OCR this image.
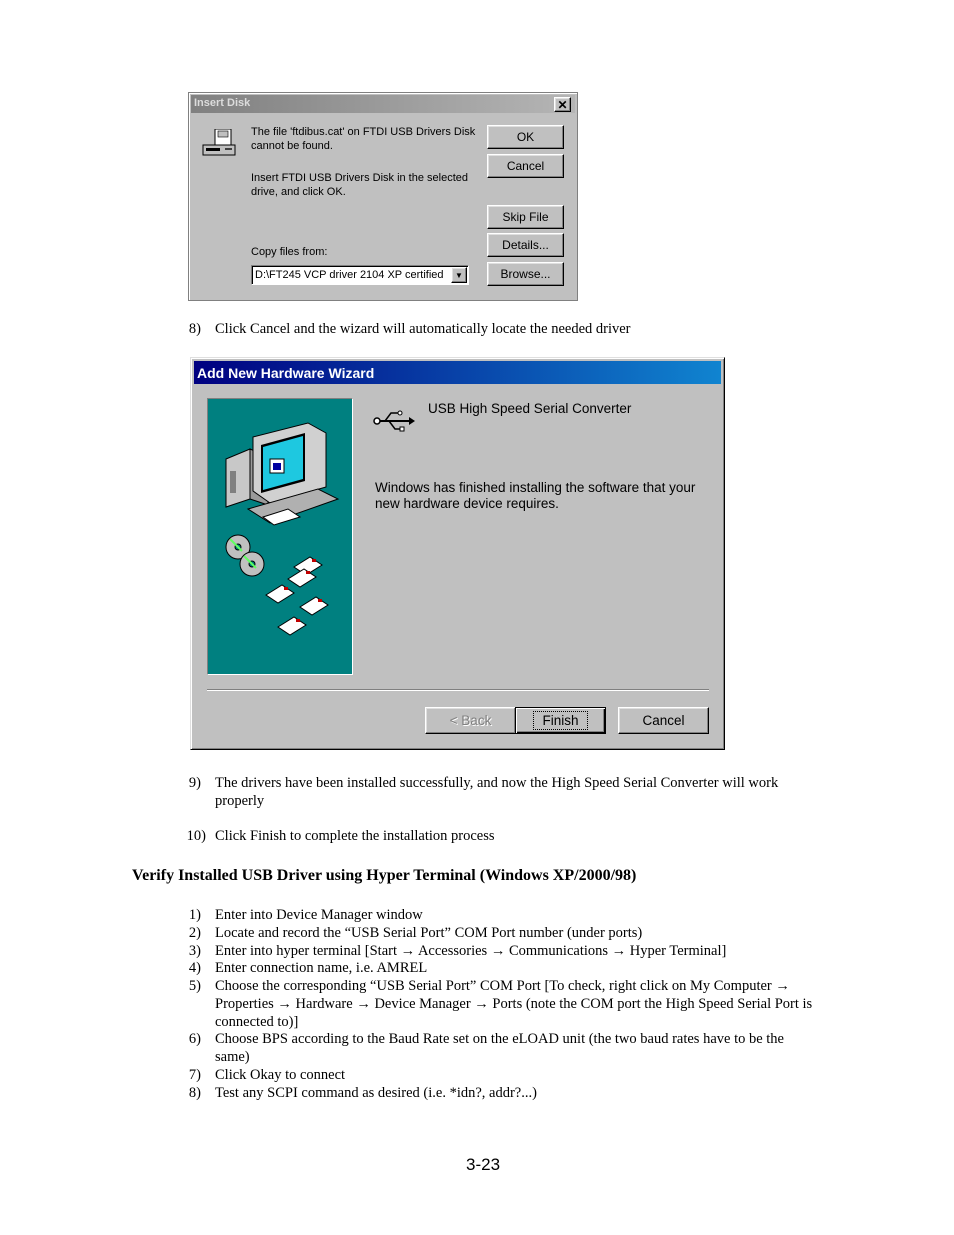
Insert Disk	✕
The file 'ftdibus.cat' on FTDI USB Drivers Disk cannot be found.
Insert FTDI USB Drivers Disk in the selected drive, and click OK.
OK
Cancel
Skip File
Details...
Browse...
Copy files from:
D:\FT245 VCP driver 2104 XP certified	▼
8) Click Cancel and the wizard will automatically locate the needed driver
Add New Hardware Wizard
USB High Speed Serial Converter
Windows has finished installing the software that your new hardware device requires.
< Back	Finish	Cancel
9) The drivers have been installed successfully, and now the High Speed Serial Converter will work
properly
10) Click Finish to complete the installation process
Verify Installed USB Driver using Hyper Terminal (Windows XP/2000/98)
1) Enter into Device Manager window
2) Locate and record the “USB Serial Port” COM Port number (under ports)
3) Enter into hyper terminal [Start → Accessories → Communications → Hyper Terminal]
4) Enter connection name, i.e. AMREL
5) Choose the corresponding “USB Serial Port” COM Port [To check, right click on My Computer →
Properties → Hardware → Device Manager → Ports (note the COM port the High Speed Serial Port is
connected to)]
6) Choose BPS according to the Baud Rate set on the eLOAD unit (the two baud rates have to be the
same)
7) Click Okay to connect
8) Test any SCPI command as desired (i.e. *idn?, addr?...)
3-23
